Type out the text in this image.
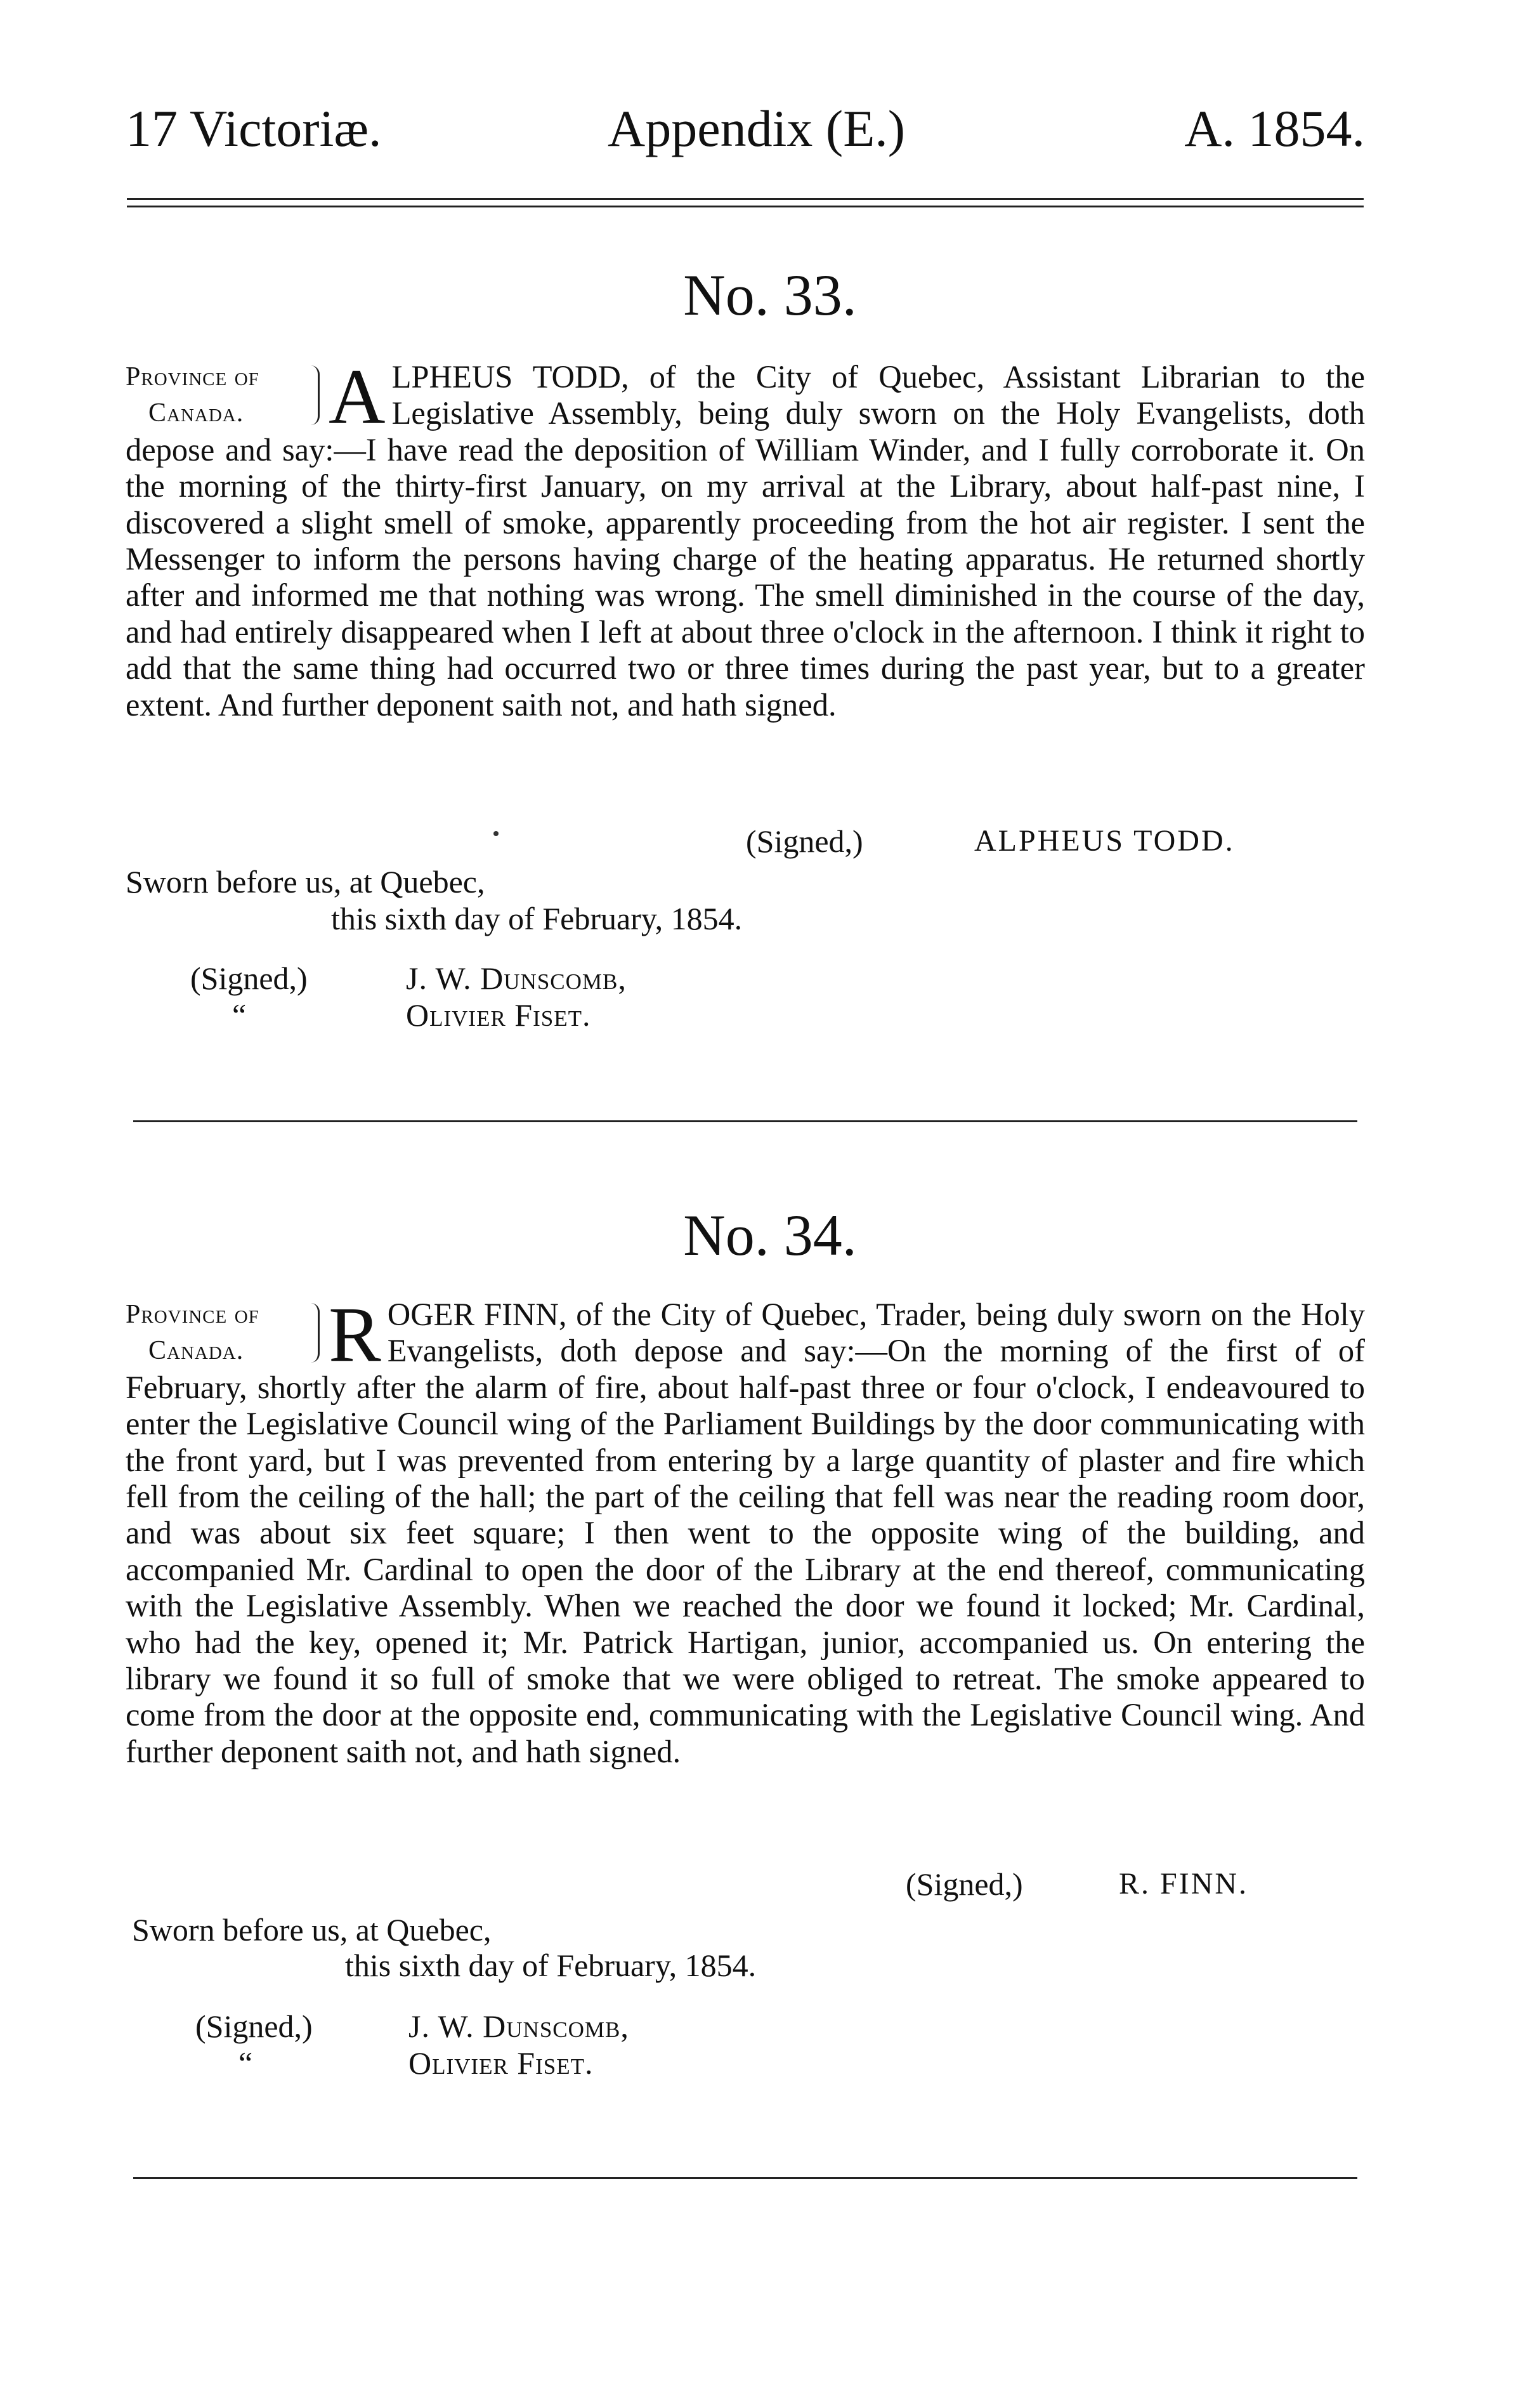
17 Victoriæ.	Appendix (E.)	A. 1854.
No. 33.
Province of
Canada.	A LPHEUS TODD, of the City of Quebec, Assistant Librarian to the Legislative Assembly, being duly sworn on the Holy Evangelists, doth depose and say:—I have read the deposition of William Winder, and I fully corroborate it. On the morning of the thirty-first January, on my arrival at the Library, about half-past nine, I discovered a slight smell of smoke, apparently proceeding from the hot air register. I sent the Messenger to inform the persons having charge of the heating apparatus. He returned shortly after and informed me that nothing was wrong. The smell diminished in the course of the day, and had entirely disappeared when I left at about three o'clock in the afternoon. I think it right to add that the same thing had occurred two or three times during the past year, but to a greater extent. And further deponent saith not, and hath signed.
(Signed,)	ALPHEUS TODD.
Sworn before us, at Quebec,
this sixth day of February, 1854.
(Signed,)	J. W. Dunscomb,
“	Olivier Fiset.
No. 34.
Province of
Canada.	R OGER FINN, of the City of Quebec, Trader, being duly sworn on the Holy Evangelists, doth depose and say:—On the morning of the first of of February, shortly after the alarm of fire, about half-past three or four o'clock, I endeavoured to enter the Legislative Council wing of the Parliament Buildings by the door communicating with the front yard, but I was prevented from entering by a large quantity of plaster and fire which fell from the ceiling of the hall; the part of the ceiling that fell was near the reading room door, and was about six feet square; I then went to the opposite wing of the building, and accompanied Mr. Cardinal to open the door of the Library at the end thereof, communicating with the Legislative Assembly. When we reached the door we found it locked; Mr. Cardinal, who had the key, opened it; Mr. Patrick Hartigan, junior, accompanied us. On entering the library we found it so full of smoke that we were obliged to retreat. The smoke appeared to come from the door at the opposite end, communicating with the Legislative Council wing. And further deponent saith not, and hath signed.
(Signed,)	R. FINN.
Sworn before us, at Quebec,
this sixth day of February, 1854.
(Signed,)	J. W. Dunscomb,
“	Olivier Fiset.
